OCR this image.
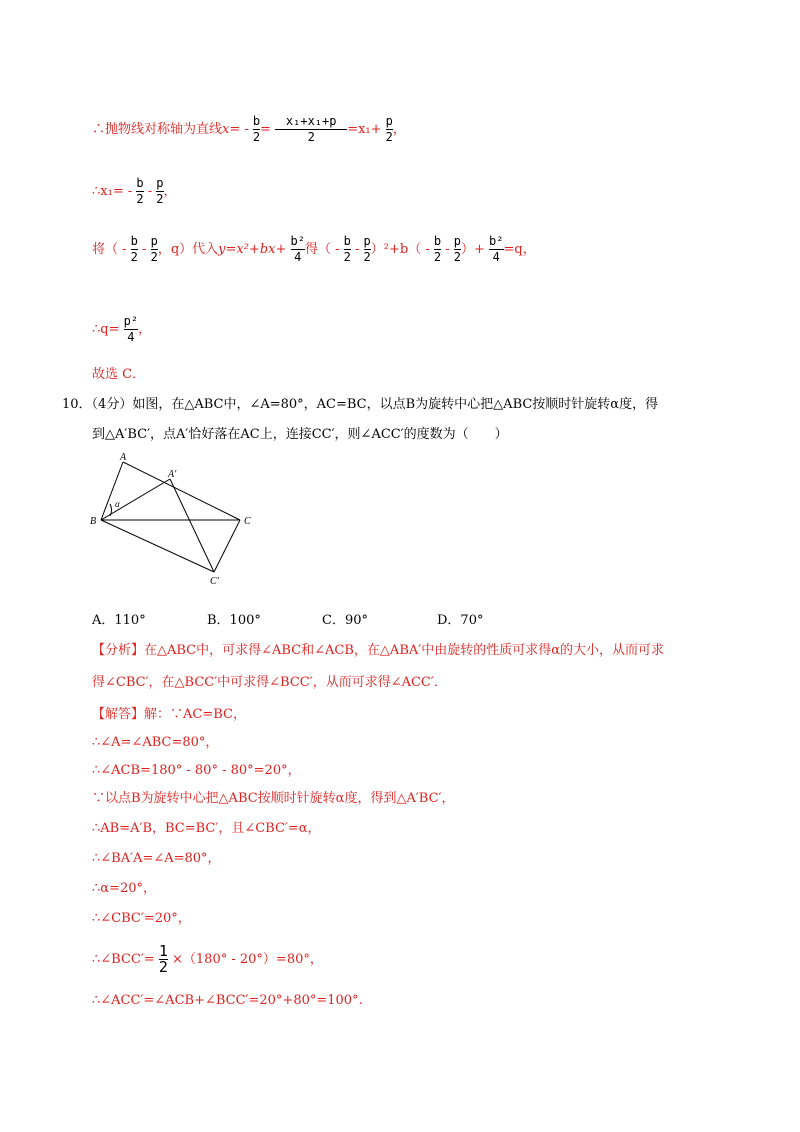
∴抛物线对称轴为直线$x= - \frac{b}{2} = \frac{\text{x₁+x₁+p}}{2} =x_1+ \frac{p}{2}$ ，
∴x₁= - $\frac{b}{2} - \frac{p}{2}$ ，
将（ - $\frac{b}{2} - \frac{p}{2}$ ，q）代入$y=x^2+bx+ \frac{\text{b²}}{4}$ 得（ - $\frac{b}{2} - \frac{p}{2} )^2+b( - \frac{b}{2} - \frac{p}{2}$ ）+ $\frac{\text{b²}}{4} =q$，
∴q= $\frac{\text{p²}}{4}$ ，
故选 C．
10．（4分）如图，在△ABC中，∠A=80°，AC=BC，以点B为旋转中心把△ABC按顺时针旋转α度，得
到△A′BC′，点A′恰好落在AC上，连接CC′，则∠ACC′的度数为（　　）
A
A′
B	C
C′
α
A．110°	B．100°	C．90°	D．70°
【分析】在△ABC中，可求得∠ABC和∠ACB，在△ABA′中由旋转的性质可求得α的大小，从而可求
得∠CBC′，在△BCC′中可求得∠BCC′，从而可求得∠ACC′．
【解答】解：∵AC=BC，
∴∠A=∠ABC=80°，
∴∠ACB=180° - 80° - 80°=20°，
∵以点B为旋转中心把△ABC按顺时针旋转α度，得到△A′BC′，
∴AB=A′B，BC=BC′，且∠CBC′=α，
∴∠BA′A=∠A=80°，
∴α=20°，
∴∠CBC′=20°，
∴∠BCC′= $\frac{1}{2} \times(180^\circ - 20^\circ)=80^\circ$，
∴∠ACC′=∠ACB+∠BCC′=20°+80°=100°.
